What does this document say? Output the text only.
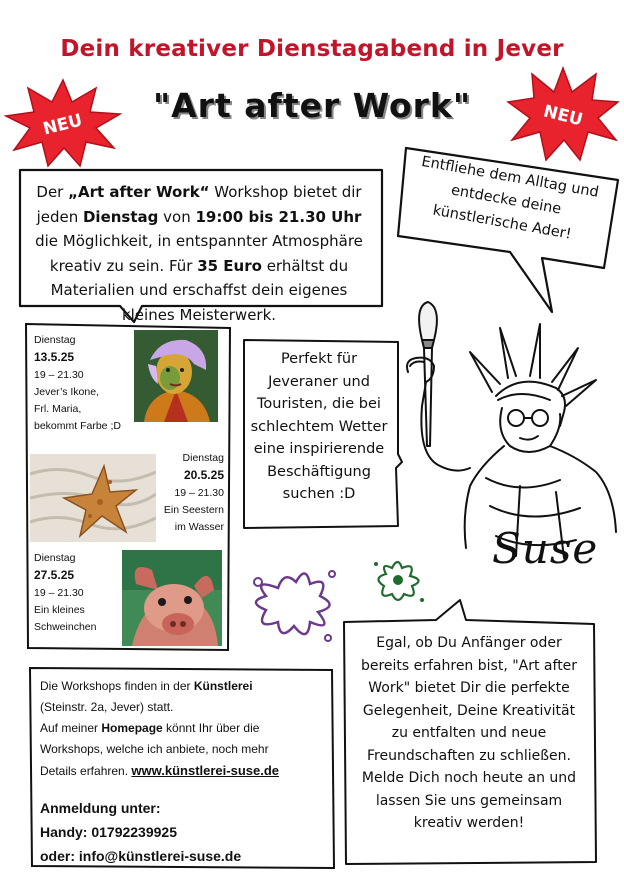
Dein kreativer Dienstagabend in Jever
NEU	NEU
"Art after Work"
Der „Art after Work“ Workshop bietet dir jeden Dienstag von 19:00 bis 21.30 Uhr die Möglichkeit, in entspannter Atmosphäre kreativ zu sein. Für 35 Euro erhältst du Materialien und erschaffst dein eigenes kleines Meisterwerk.
Entfliehe dem Alltag und entdecke deine künstlerische Ader!
Dienstag
13.5.25
19 – 21.30
Jever’s Ikone,
Frl. Maria,
bekommt Farbe ;D
Dienstag
20.5.25
19 – 21.30
Ein Seestern
im Wasser
Dienstag
27.5.25
19 – 21.30
Ein kleines
Schweinchen
Perfekt für Jeveraner und Touristen, die bei schlechtem Wetter eine inspirierende Beschäftigung suchen :D
Suse
Egal, ob Du Anfänger oder bereits erfahren bist, "Art after Work" bietet Dir die perfekte Gelegenheit, Deine Kreativität zu entfalten und neue Freundschaften zu schließen. Melde Dich noch heute an und lassen Sie uns gemeinsam kreativ werden!
Die Workshops finden in der Künstlerei
(Steinstr. 2a, Jever) statt.
Auf meiner Homepage könnt Ihr über die
Workshops, welche ich anbiete, noch mehr
Details erfahren. www.künstlerei-suse.de
Anmeldung unter:
Handy: 01792239925
oder: info@künstlerei-suse.de
